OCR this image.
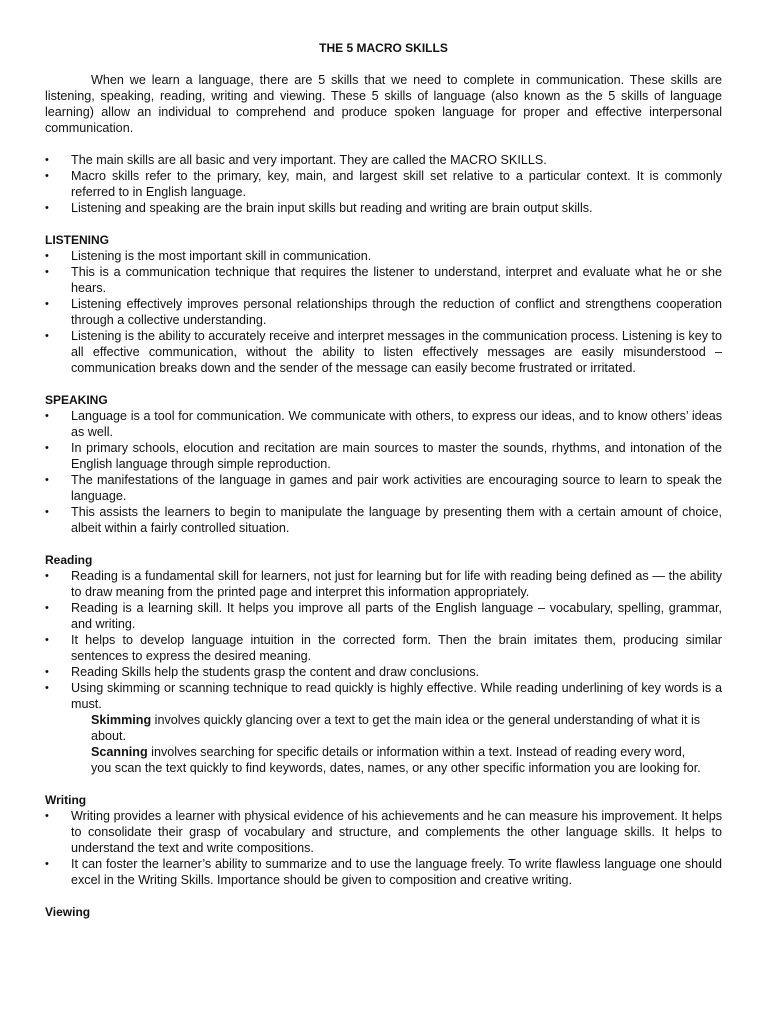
THE 5 MACRO SKILLS

When we learn a language, there are 5 skills that we need to complete in communication. These skills are listening, speaking, reading, writing and viewing. These 5 skills of language (also known as the 5 skills of language learning) allow an individual to comprehend and produce spoken language for proper and effective interpersonal communication.

• The main skills are all basic and very important. They are called the MACRO SKILLS.
• Macro skills refer to the primary, key, main, and largest skill set relative to a particular context. It is commonly referred to in English language.
• Listening and speaking are the brain input skills but reading and writing are brain output skills.

LISTENING

• Listening is the most important skill in communication.
• This is a communication technique that requires the listener to understand, interpret and evaluate what he or she hears.
• Listening effectively improves personal relationships through the reduction of conflict and strengthens cooperation through a collective understanding.
• Listening is the ability to accurately receive and interpret messages in the communication process. Listening is key to all effective communication, without the ability to listen effectively messages are easily misunderstood – communication breaks down and the sender of the message can easily become frustrated or irritated.

SPEAKING

• Language is a tool for communication. We communicate with others, to express our ideas, and to know others’ ideas as well.
• In primary schools, elocution and recitation are main sources to master the sounds, rhythms, and intonation of the English language through simple reproduction.
• The manifestations of the language in games and pair work activities are encouraging source to learn to speak the language.
• This assists the learners to begin to manipulate the language by presenting them with a certain amount of choice, albeit within a fairly controlled situation.

Reading

• Reading is a fundamental skill for learners, not just for learning but for life with reading being defined as — the ability to draw meaning from the printed page and interpret this information appropriately.
• Reading is a learning skill. It helps you improve all parts of the English language – vocabulary, spelling, grammar, and writing.
• It helps to develop language intuition in the corrected form. Then the brain imitates them, producing similar sentences to express the desired meaning.
• Reading Skills help the students grasp the content and draw conclusions.
• Using skimming or scanning technique to read quickly is highly effective. While reading underlining of key words is a must.

Skimming involves quickly glancing over a text to get the main idea or the general understanding of what it is about.

Scanning involves searching for specific details or information within a text. Instead of reading every word, you scan the text quickly to find keywords, dates, names, or any other specific information you are looking for.

Writing

• Writing provides a learner with physical evidence of his achievements and he can measure his improvement. It helps to consolidate their grasp of vocabulary and structure, and complements the other language skills. It helps to understand the text and write compositions.
• It can foster the learner’s ability to summarize and to use the language freely. To write flawless language one should excel in the Writing Skills. Importance should be given to composition and creative writing.

Viewing
